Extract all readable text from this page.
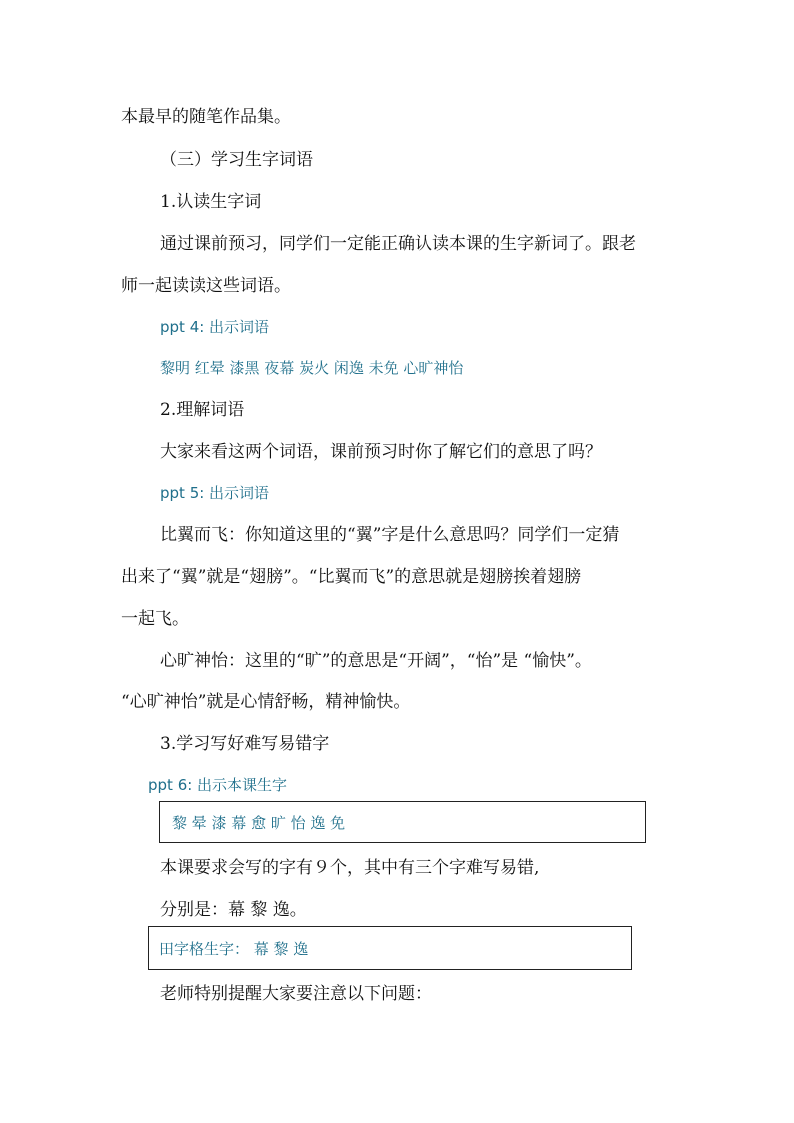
本最早的随笔作品集。
（三）学习生字词语
1.认读生字词
通过课前预习，同学们一定能正确认读本课的生字新词了。跟老
师一起读读这些词语。
ppt 4: 出示词语
黎明 红晕 漆黑 夜幕 炭火 闲逸 未免 心旷神怡
2.理解词语
大家来看这两个词语，课前预习时你了解它们的意思了吗？
ppt 5: 出示词语
比翼而飞：你知道这里的“翼”字是什么意思吗？同学们一定猜
出来了“翼”就是“翅膀”。“比翼而飞”的意思就是翅膀挨着翅膀
一起飞。
心旷神怡：这里的“旷”的意思是“开阔”，“怡”是 “愉快”。
“心旷神怡”就是心情舒畅，精神愉快。
3.学习写好难写易错字
ppt 6: 出示本课生字
黎 晕 漆 幕 愈 旷 怡 逸 免
本课要求会写的字有９个，其中有三个字难写易错,
分别是：幕 黎 逸。
田字格生字： 幕 黎 逸
老师特别提醒大家要注意以下问题：
